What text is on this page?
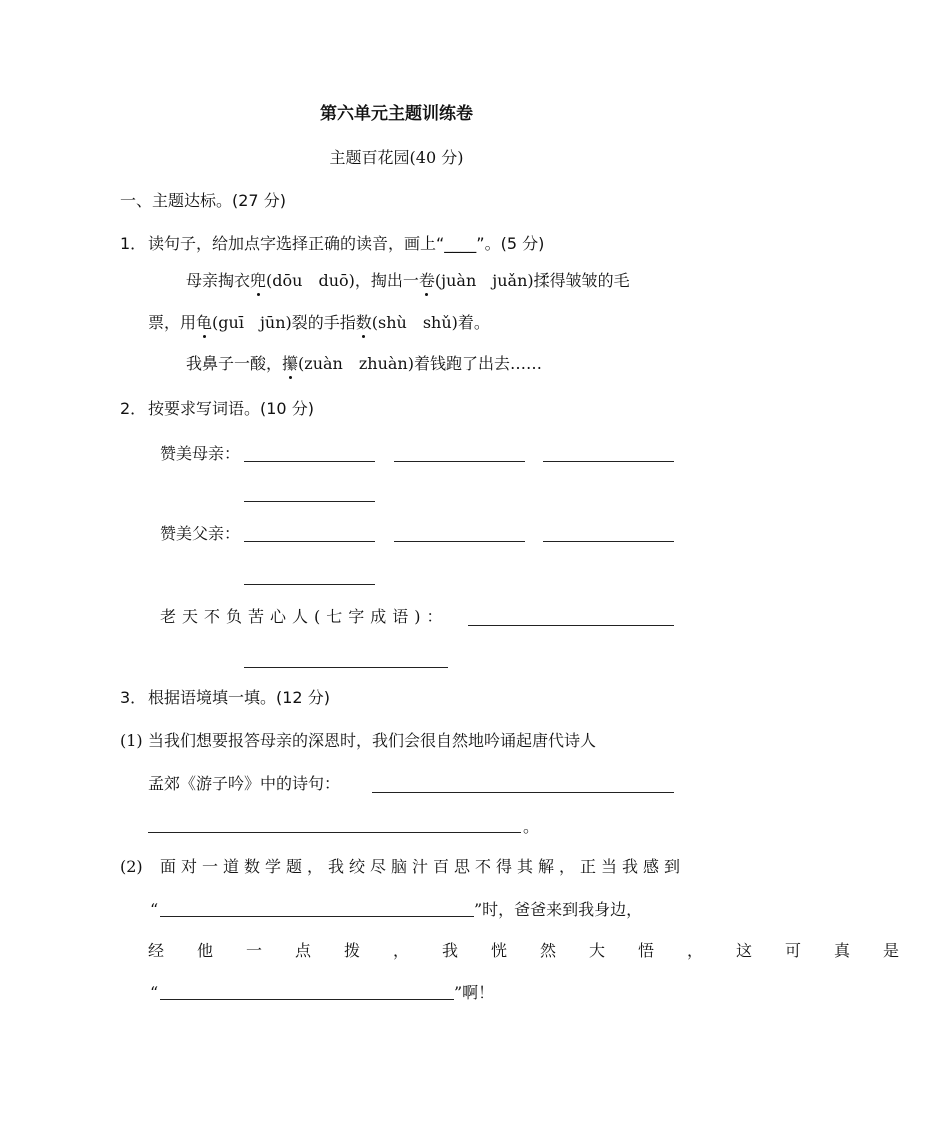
第六单元主题训练卷
主题百花园(40 分)
一、主题达标。(27 分)
1． 读句子，给加点字选择正确的读音，画上“____”。(5 分)
母亲掏衣兜(dōu　duō)，掏出一卷(juàn　juǎn)揉得皱皱的毛
票，用龟(guī　jūn)裂的手指数(shù　shǔ)着。
我鼻子一酸，攥(zuàn　zhuàn)着钱跑了出去……
2． 按要求写词语。(10 分)
赞美母亲：
赞美父亲：
老天不负苦心人(七字成语)：
3． 根据语境填一填。(12 分)
(1) 当我们想要报答母亲的深恩时，我们会很自然地吟诵起唐代诗人
孟郊《游子吟》中的诗句：
。
(2) 面对一道数学题，我绞尽脑汁百思不得其解，正当我感到
“	”时，爸爸来到我身边，
经他一点拨，我恍然大悟，这可真是
“	”啊！
